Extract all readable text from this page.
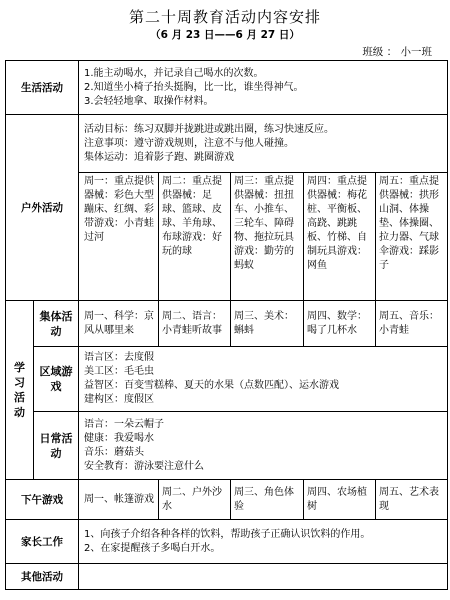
第二十周教育活动内容安排
（6 月 23 日——6 月 27 日）
班级 ： 小一班
生活活动		1.能主动喝水，并记录自己喝水的次数。
2.知道坐小椅子抬头挺胸，比一比，谁坐得神气。
3.会轻轻地拿、取操作材料。				

户外活动		活动目标：练习双脚并拢跳进或跳出圈，练习快速反应。
注意事项：遵守游戏规则，注意不与他人碰撞。
集体运动：追着影子跑、跳圈游戏				

		周一：重点提供器械：彩色大型蹦床、红绸、彩带游戏：小青蛙过河	周二：重点提供器械：足球、篮球、皮球、羊角球、布球游戏：好玩的球	周三：重点提供器械：扭扭车、小推车、三轮车、障碍物、拖拉玩具游戏：勤劳的蚂蚁	周四：重点提供器械：梅花桩、平衡板、高跷、跳跳板、竹梯、自制玩具游戏：网鱼	周五：重点提供器械：拱形山洞、体操垫、体操圈、拉力器、气球伞游戏：踩影子
学习活动	集体活动	周一、科学：京风从哪里来	周二、语言：小青蛙听故事	周三、美术：蝌蚪	周四、数学：喝了几杯水	周五、音乐：小青蛙
	区域游戏	语言区：去度假
美工区：毛毛虫
益智区：百变雪糕棒、夏天的水果（点数匹配）、运水游戏
建构区：度假区				

	日常活动	语言：一朵云帽子
健康：我爱喝水
音乐：蘑菇头
安全教育：游泳要注意什么				

下午游戏		周一、帐篷游戏	周二、户外沙水	周三、角色体验	周四、农场植树	周五、艺术表现
家长工作		1、向孩子介绍各种各样的饮料，帮助孩子正确认识饮料的作用。
2、在家提醒孩子多喝白开水。				

其他活动						
